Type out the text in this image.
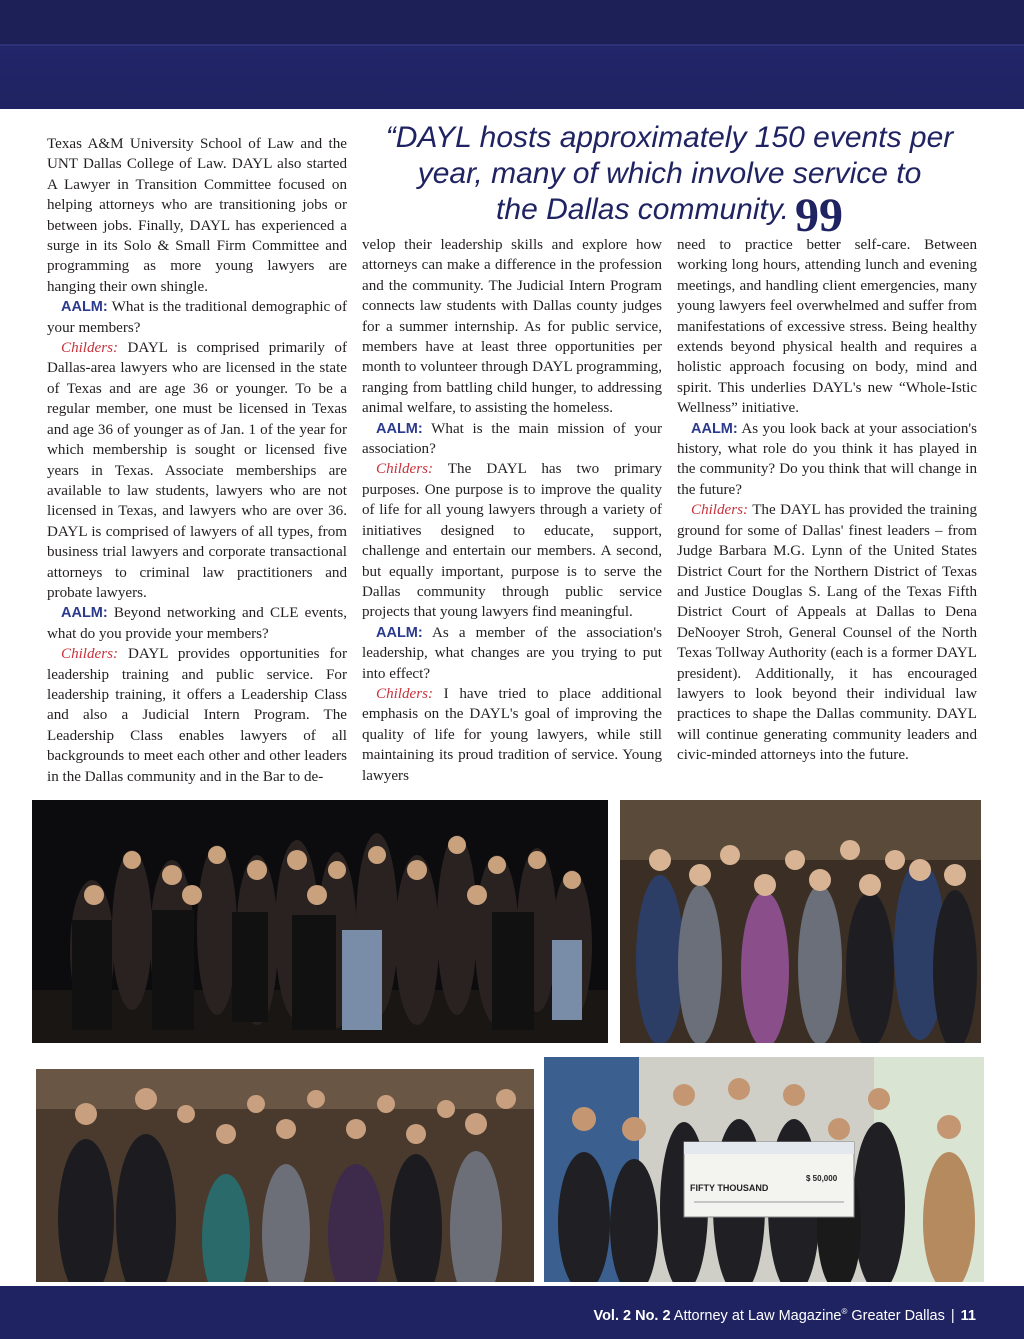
Texas A&M University School of Law and the UNT Dallas College of Law. DAYL also started A Lawyer in Transition Committee focused on helping attorneys who are transitioning jobs or between jobs. Finally, DAYL has experienced a surge in its Solo & Small Firm Committee and programming as more young lawyers are hanging their own shingle.

AALM: What is the traditional demographic of your members?

Childers: DAYL is comprised primarily of Dallas-area lawyers who are licensed in the state of Texas and are age 36 or younger. To be a regular member, one must be licensed in Texas and age 36 of younger as of Jan. 1 of the year for which membership is sought or licensed five years in Texas. Associate memberships are available to law students, lawyers who are not licensed in Texas, and lawyers who are over 36. DAYL is comprised of lawyers of all types, from business trial lawyers and corporate transactional attorneys to criminal law practitioners and probate lawyers.

AALM: Beyond networking and CLE events, what do you provide your members?

Childers: DAYL provides opportunities for leadership training and public service. For leadership training, it offers a Leadership Class and also a Judicial Intern Program. The Leadership Class enables lawyers of all backgrounds to meet each other and other leaders in the Dallas community and in the Bar to de-

“DAYL hosts approximately 150 events per
year, many of which involve service to
the Dallas community. 99

velop their leadership skills and explore how attorneys can make a difference in the profession and the community. The Judicial Intern Program connects law students with Dallas county judges for a summer internship. As for public service, members have at least three opportunities per month to volunteer through DAYL programming, ranging from battling child hunger, to addressing animal welfare, to assisting the homeless.

AALM: What is the main mission of your association?

Childers: The DAYL has two primary purposes. One purpose is to improve the quality of life for all young lawyers through a variety of initiatives designed to educate, support, challenge and entertain our members. A second, but equally important, purpose is to serve the Dallas community through public service projects that young lawyers find meaningful.

AALM: As a member of the association's leadership, what changes are you trying to put into effect?

Childers: I have tried to place additional emphasis on the DAYL's goal of improving the quality of life for young lawyers, while still maintaining its proud tradition of service. Young lawyers

need to practice better self-care. Between working long hours, attending lunch and evening meetings, and handling client emergencies, many young lawyers feel overwhelmed and suffer from manifestations of excessive stress. Being healthy extends beyond physical health and requires a holistic approach focusing on body, mind and spirit. This underlies DAYL's new “Whole-Istic Wellness” initiative.

AALM: As you look back at your association's history, what role do you think it has played in the community? Do you think that will change in the future?

Childers: The DAYL has provided the training ground for some of Dallas' finest leaders – from Judge Barbara M.G. Lynn of the United States District Court for the Northern District of Texas and Justice Douglas S. Lang of the Texas Fifth District Court of Appeals at Dallas to Dena DeNooyer Stroh, General Counsel of the North Texas Tollway Authority (each is a former DAYL president). Additionally, it has encouraged lawyers to look beyond their individual law practices to shape the Dallas community. DAYL will continue generating community leaders and civic-minded attorneys into the future.

FIFTY THOUSAND
$ 50,000
Vol. 2 No. 2 Attorney at Law Magazine® Greater Dallas | 11
